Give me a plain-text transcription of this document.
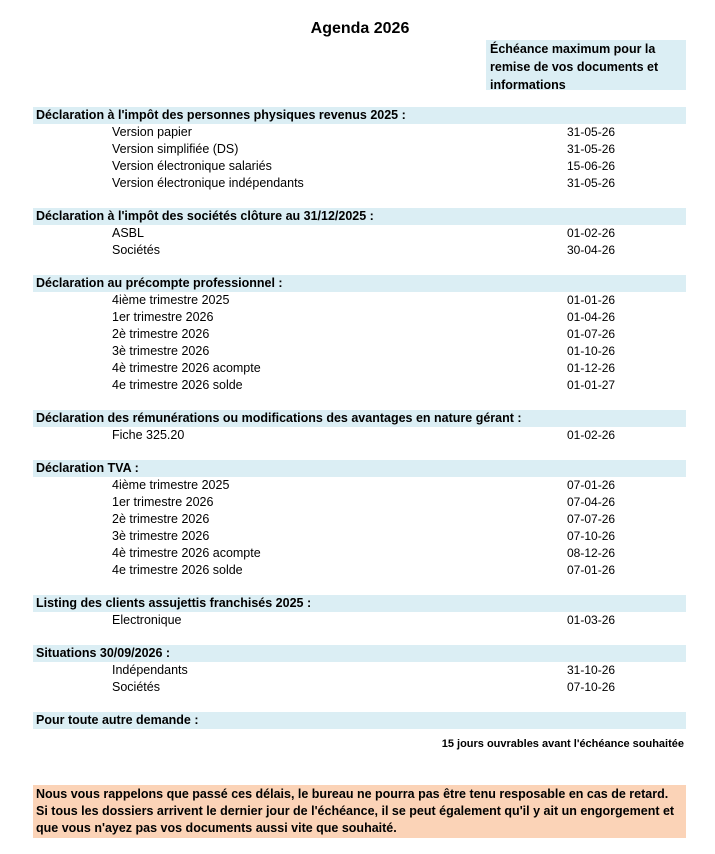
Agenda 2026
Échéance maximum pour la remise de vos documents et informations
Déclaration à l'impôt des personnes physiques revenus 2025 :
Version papier	31-05-26
Version simplifiée (DS)	31-05-26
Version électronique salariés	15-06-26
Version électronique indépendants	31-05-26
Déclaration à l'impôt des sociétés clôture au 31/12/2025 :
ASBL	01-02-26
Sociétés	30-04-26
Déclaration au précompte professionnel :
4ième trimestre 2025	01-01-26
1er trimestre 2026	01-04-26
2è trimestre 2026	01-07-26
3è trimestre 2026	01-10-26
4è trimestre 2026 acompte	01-12-26
4e trimestre 2026 solde	01-01-27
Déclaration des rémunérations ou modifications des avantages en nature gérant :
Fiche 325.20	01-02-26
Déclaration TVA :
4ième trimestre 2025	07-01-26
1er trimestre 2026	07-04-26
2è trimestre 2026	07-07-26
3è trimestre 2026	07-10-26
4è trimestre 2026 acompte	08-12-26
4e trimestre 2026 solde	07-01-26
Listing des clients assujettis franchisés 2025 :
Electronique	01-03-26
Situations 30/09/2026 :
Indépendants	31-10-26
Sociétés	07-10-26
Pour toute autre demande :
15 jours ouvrables avant l'échéance souhaitée
Nous vous rappelons que passé ces délais, le bureau ne pourra pas être tenu resposable en cas de retard. Si tous les dossiers arrivent le dernier jour de l'échéance, il se peut également qu'il y ait un engorgement et que vous n'ayez pas vos documents aussi vite que souhaité.
